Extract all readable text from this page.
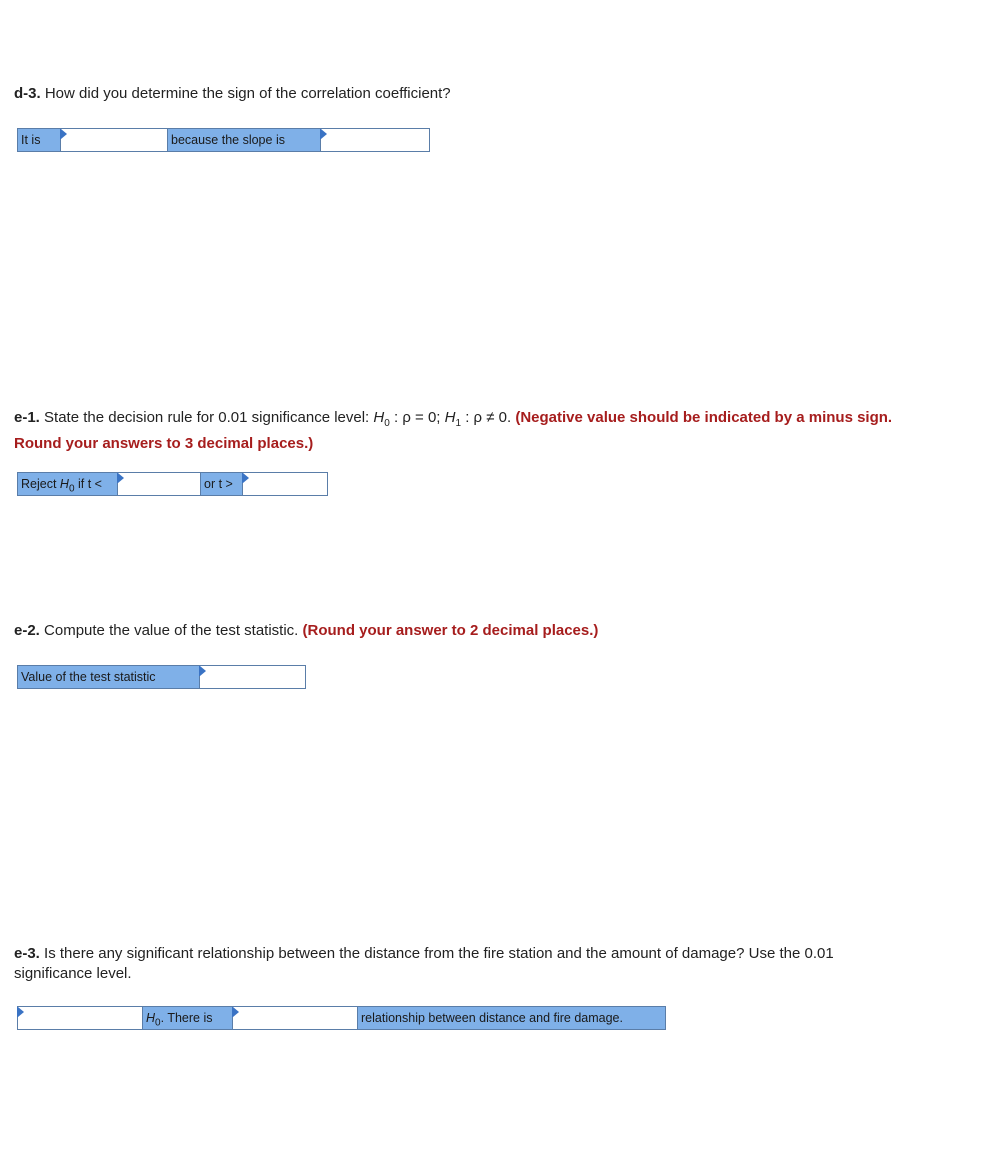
d-3. How did you determine the sign of the correlation coefficient?
It is	because the slope is
e-1. State the decision rule for 0.01 significance level: $H_0$ : ρ = 0; $H_1$ : ρ ≠ 0. (Negative value should be indicated by a minus sign. Round your answers to 3 decimal places.)
Reject $H_0$ if t <	or t >
e-2. Compute the value of the test statistic. (Round your answer to 2 decimal places.)
Value of the test statistic
e-3. Is there any significant relationship between the distance from the fire station and the amount of damage? Use the 0.01 significance level.
$H_0$. There is	relationship between distance and fire damage.
